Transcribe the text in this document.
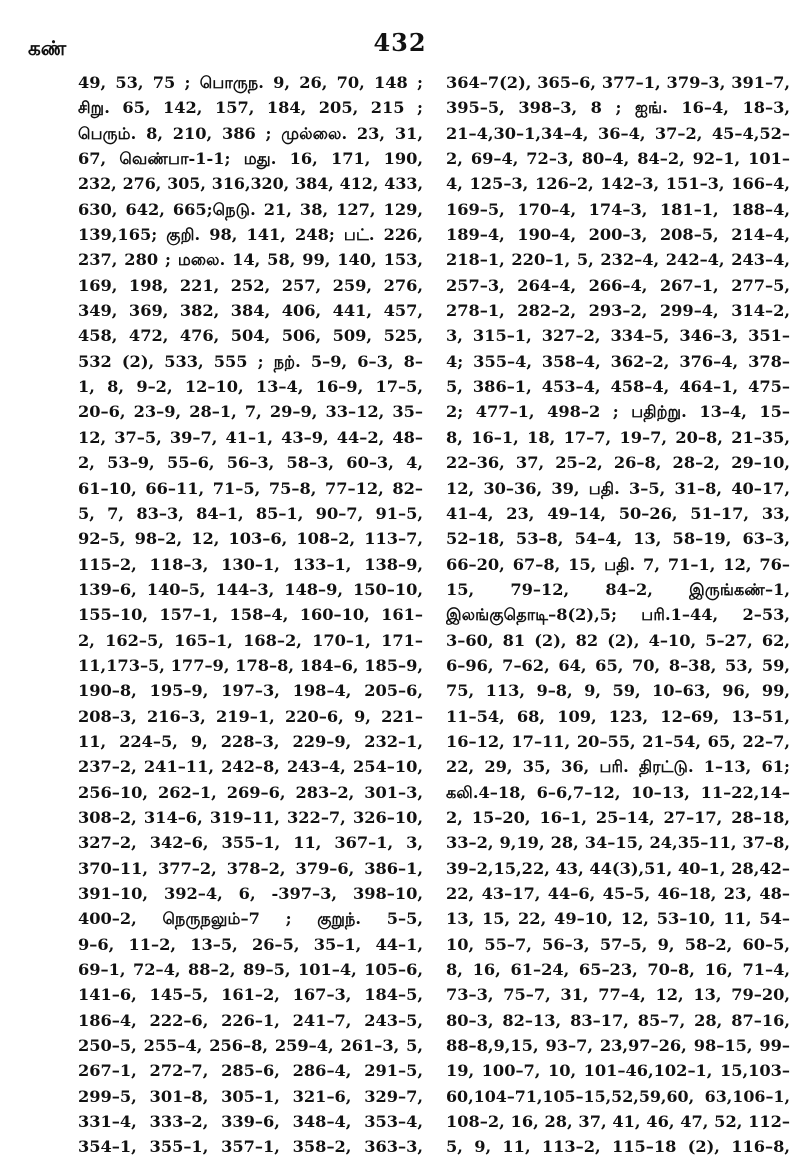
கண்	432
49, 53, 75 ; பொருந. 9, 26, 70, 148 ;
சிறு. 65, 142, 157, 184, 205, 215 ;
பெரும். 8, 210, 386 ; முல்லை. 23, 31,
67, வெண்பா-1-1; மது. 16, 171, 190,
232, 276, 305, 316,320, 384, 412, 433,
630, 642, 665;நெடு. 21, 38, 127, 129,
139,165; குறி. 98, 141, 248; பட். 226,
237, 280 ; மலை. 14, 58, 99, 140, 153,
169, 198, 221, 252, 257, 259, 276,
349, 369, 382, 384, 406, 441, 457,
458, 472, 476, 504, 506, 509, 525,
532 (2), 533, 555 ; நற். 5–9, 6–3, 8–
1, 8, 9–2, 12–10, 13–4, 16–9, 17–5,
20–6, 23–9, 28–1, 7, 29–9, 33–12, 35–
12, 37–5, 39–7, 41–1, 43–9, 44–2, 48–
2, 53–9, 55–6, 56–3, 58–3, 60–3, 4,
61–10, 66–11, 71–5, 75–8, 77–12, 82–
5, 7, 83–3, 84–1, 85–1, 90–7, 91–5,
92–5, 98–2, 12, 103–6, 108–2, 113–7,
115–2, 118–3, 130–1, 133–1, 138–9,
139–6, 140–5, 144–3, 148–9, 150–10,
155–10, 157–1, 158–4, 160–10, 161–
2, 162–5, 165–1, 168–2, 170–1, 171–
11,173–5, 177–9, 178–8, 184–6, 185–9,
190–8, 195–9, 197–3, 198–4, 205–6,
208–3, 216–3, 219–1, 220–6, 9, 221–
11, 224–5, 9, 228–3, 229–9, 232–1,
237–2, 241–11, 242–8, 243–4, 254–10,
256–10, 262–1, 269–6, 283–2, 301–3,
308–2, 314–6, 319–11, 322–7, 326–10,
327–2, 342–6, 355–1, 11, 367–1, 3,
370–11, 377–2, 378–2, 379–6, 386–1,
391–10, 392–4, 6, -397–3, 398–10,
400–2, நெருநலும்–7 ; குறுந். 5–5,
9–6, 11–2, 13–5, 26–5, 35–1, 44–1,
69–1, 72–4, 88–2, 89–5, 101–4, 105–6,
141–6, 145–5, 161–2, 167–3, 184–5,
186–4, 222–6, 226–1, 241–7, 243–5,
250–5, 255–4, 256–8, 259–4, 261–3, 5,
267–1, 272–7, 285–6, 286–4, 291–5,
299–5, 301–8, 305–1, 321–6, 329–7,
331–4, 333–2, 339–6, 348–4, 353–4,
354–1, 355–1, 357–1, 358–2, 363–3,
364–7(2), 365–6, 377–1, 379–3, 391–7,
395–5, 398–3, 8 ; ஐங். 16–4, 18–3,
21–4,30–1,34–4, 36–4, 37–2, 45–4,52–
2, 69–4, 72–3, 80–4, 84–2, 92–1, 101–
4, 125–3, 126–2, 142–3, 151–3, 166–4,
169–5, 170–4, 174–3, 181–1, 188–4,
189–4, 190–4, 200–3, 208–5, 214–4,
218–1, 220–1, 5, 232–4, 242–4, 243–4,
257–3, 264–4, 266–4, 267–1, 277–5,
278–1, 282–2, 293–2, 299–4, 314–2,
3, 315–1, 327–2, 334–5, 346–3, 351–
4; 355–4, 358–4, 362–2, 376–4, 378–
5, 386–1, 453–4, 458–4, 464–1, 475–
2; 477–1, 498–2 ; பதிற்று. 13–4, 15–
8, 16–1, 18, 17–7, 19–7, 20–8, 21–35,
22–36, 37, 25–2, 26–8, 28–2, 29–10,
12, 30–36, 39, பதி. 3–5, 31–8, 40–17,
41–4, 23, 49–14, 50–26, 51–17, 33,
52–18, 53–8, 54–4, 13, 58–19, 63–3,
66–20, 67–8, 15, பதி. 7, 71–1, 12, 76–
15, 79–12, 84–2, இருங்கண்–1,
இலங்குதொடி–8(2),5; பரி.1–44, 2–53,
3–60, 81 (2), 82 (2), 4–10, 5–27, 62,
6–96, 7–62, 64, 65, 70, 8–38, 53, 59,
75, 113, 9–8, 9, 59, 10–63, 96, 99,
11–54, 68, 109, 123, 12–69, 13–51,
16–12, 17–11, 20–55, 21–54, 65, 22–7,
22, 29, 35, 36, பரி. திரட்டு. 1–13, 61;
கலி.4–18, 6–6,7–12, 10–13, 11–22,14–
2, 15–20, 16–1, 25–14, 27–17, 28–18,
33–2, 9,19, 28, 34–15, 24,35–11, 37–8,
39–2,15,22, 43, 44(3),51, 40–1, 28,42–
22, 43–17, 44–6, 45–5, 46–18, 23, 48–
13, 15, 22, 49–10, 12, 53–10, 11, 54–
10, 55–7, 56–3, 57–5, 9, 58–2, 60–5,
8, 16, 61–24, 65–23, 70–8, 16, 71–4,
73–3, 75–7, 31, 77–4, 12, 13, 79–20,
80–3, 82–13, 83–17, 85–7, 28, 87–16,
88–8,9,15, 93–7, 23,97–26, 98–15, 99–
19, 100–7, 10, 101–46,102–1, 15,103–
60,104–71,105–15,52,59,60, 63,106–1,
108–2, 16, 28, 37, 41, 46, 47, 52, 112–
5, 9, 11, 113–2, 115–18 (2), 116–8,
